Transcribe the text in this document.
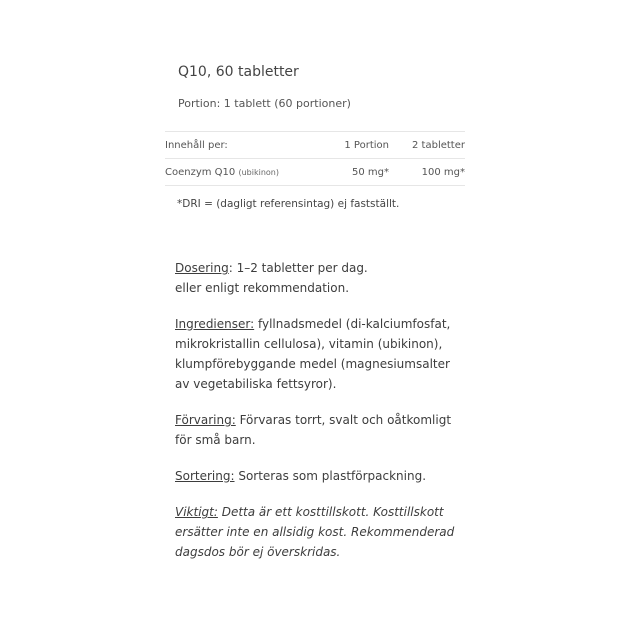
Q10, 60 tabletter
Portion: 1 tablett (60 portioner)
Innehåll per:	1 Portion	2 tabletter
Coenzym Q10 (ubikinon)	50 mg*	100 mg*
*DRI = (dagligt referensintag) ej fastställt.
Dosering: 1–2 tabletter per dag.
eller enligt rekommendation.
Ingredienser: fyllnadsmedel (di-kalciumfosfat,
mikrokristallin cellulosa), vitamin (ubikinon),
klumpförebyggande medel (magnesiumsalter
av vegetabiliska fettsyror).
Förvaring: Förvaras torrt, svalt och oåtkomligt
för små barn.
Sortering: Sorteras som plastförpackning.
Viktigt: Detta är ett kosttillskott. Kosttillskott
ersätter inte en allsidig kost. Rekommenderad
dagsdos bör ej överskridas.
